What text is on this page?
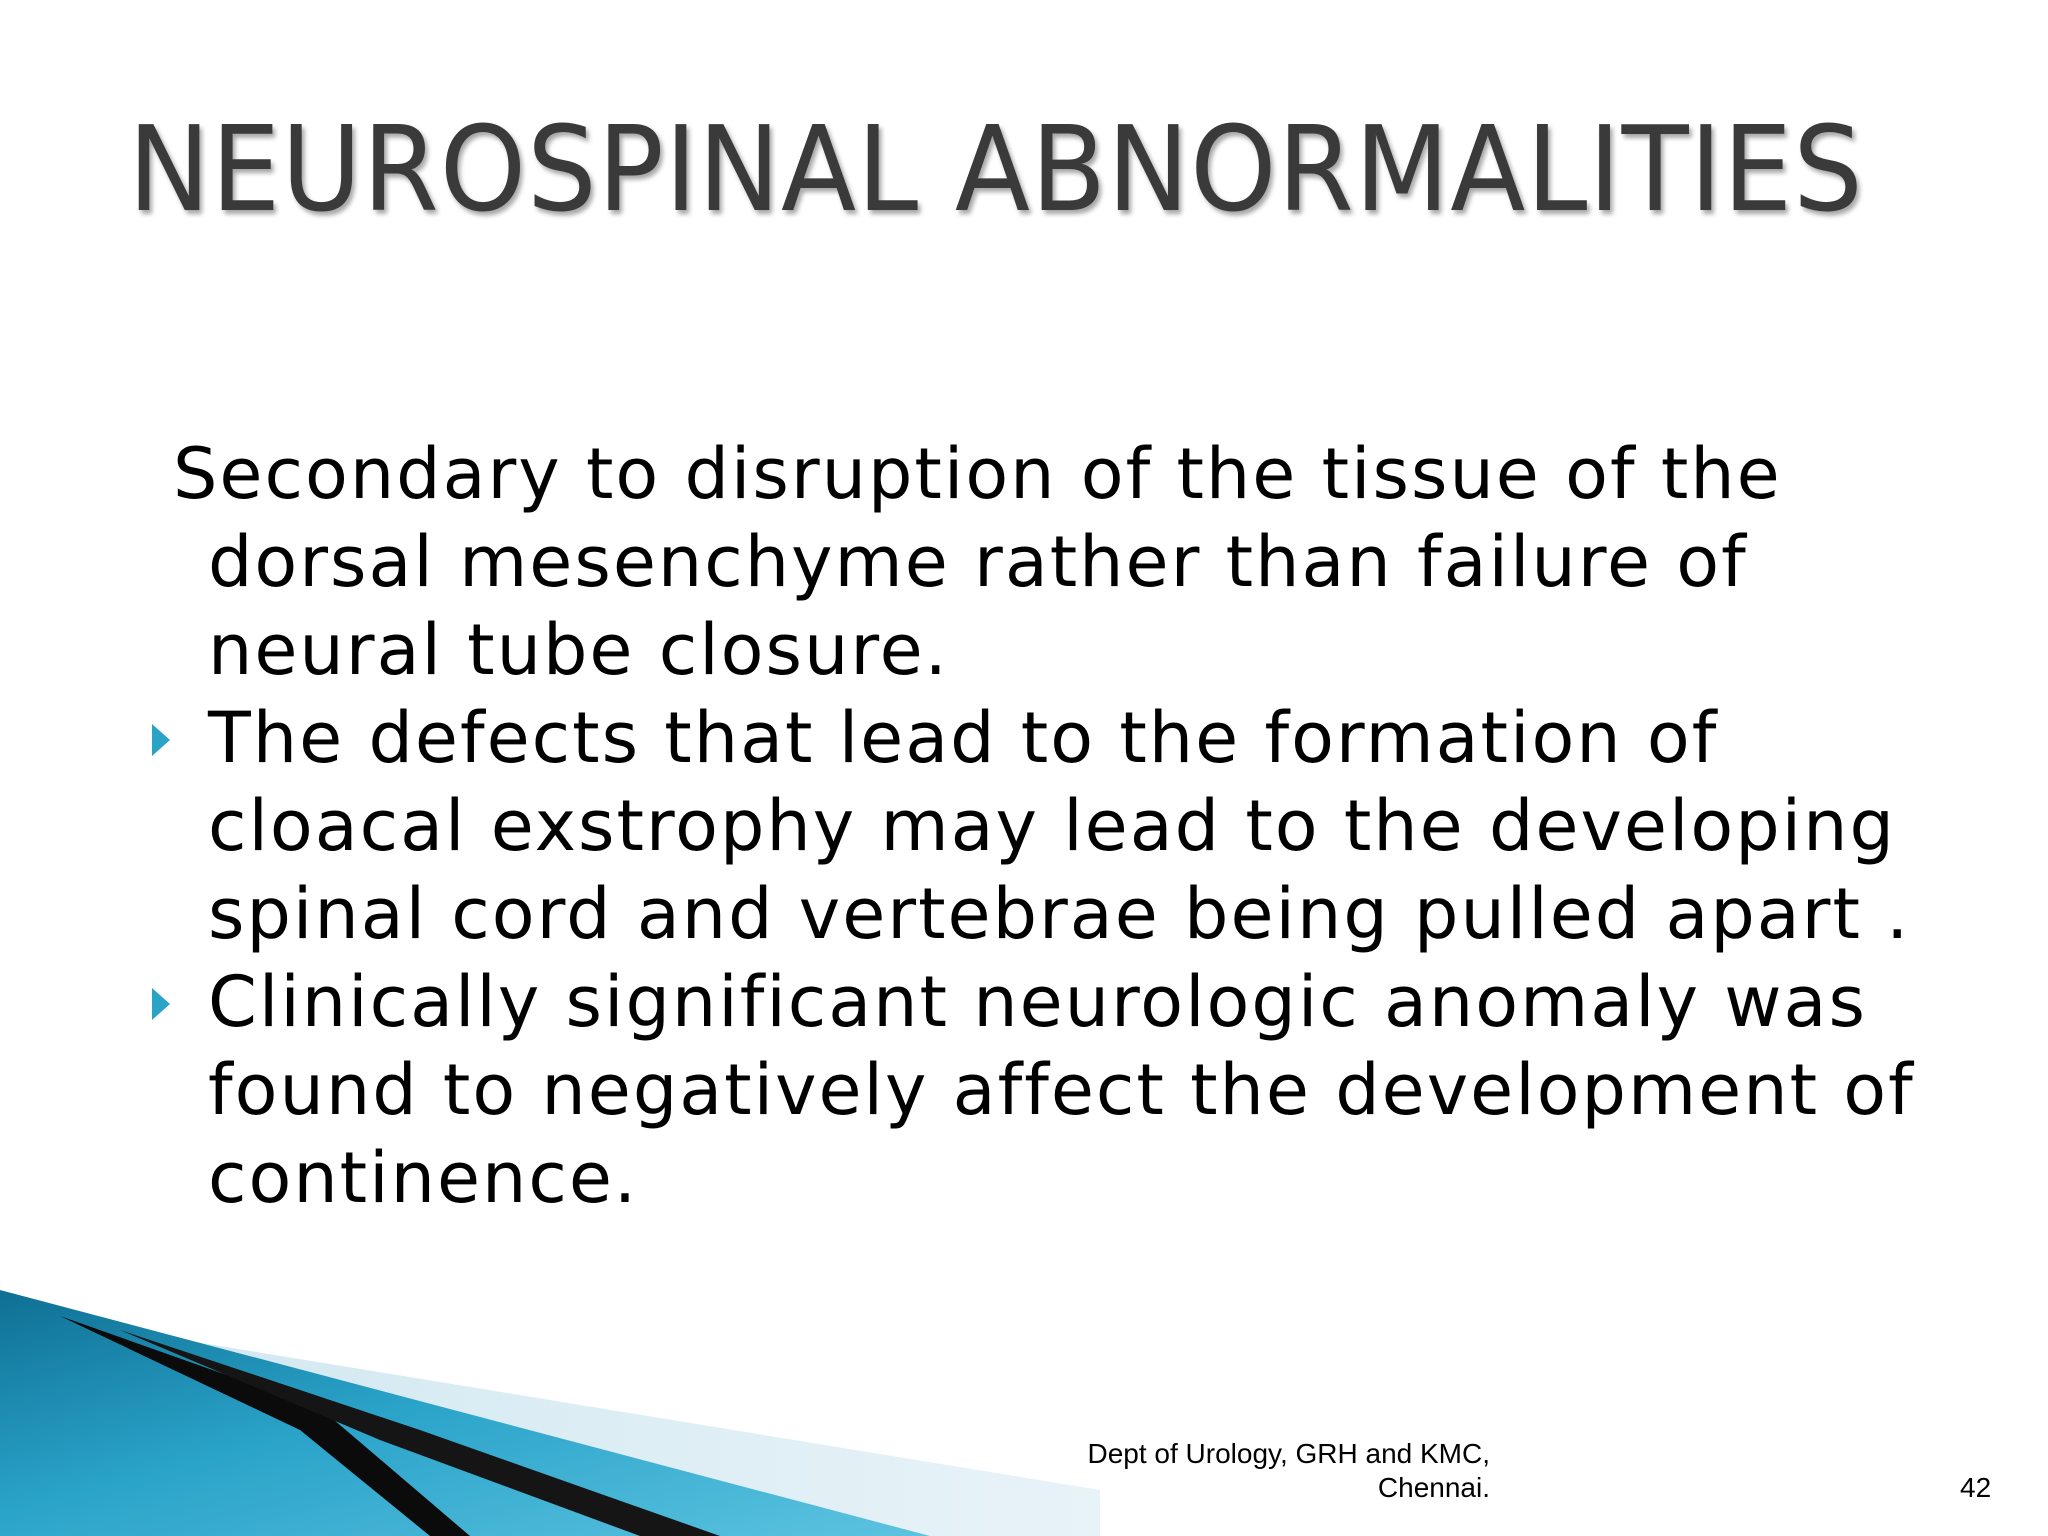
NEUROSPINAL ABNORMALITIES

Secondary to disruption of the tissue of the dorsal mesenchyme rather than failure of neural tube closure.

The defects that lead to the formation of cloacal exstrophy may lead to the developing spinal cord and vertebrae being pulled apart .
Clinically significant neurologic anomaly was found to negatively affect the development of continence.
Dept of Urology, GRH and KMC,
Chennai.	42
